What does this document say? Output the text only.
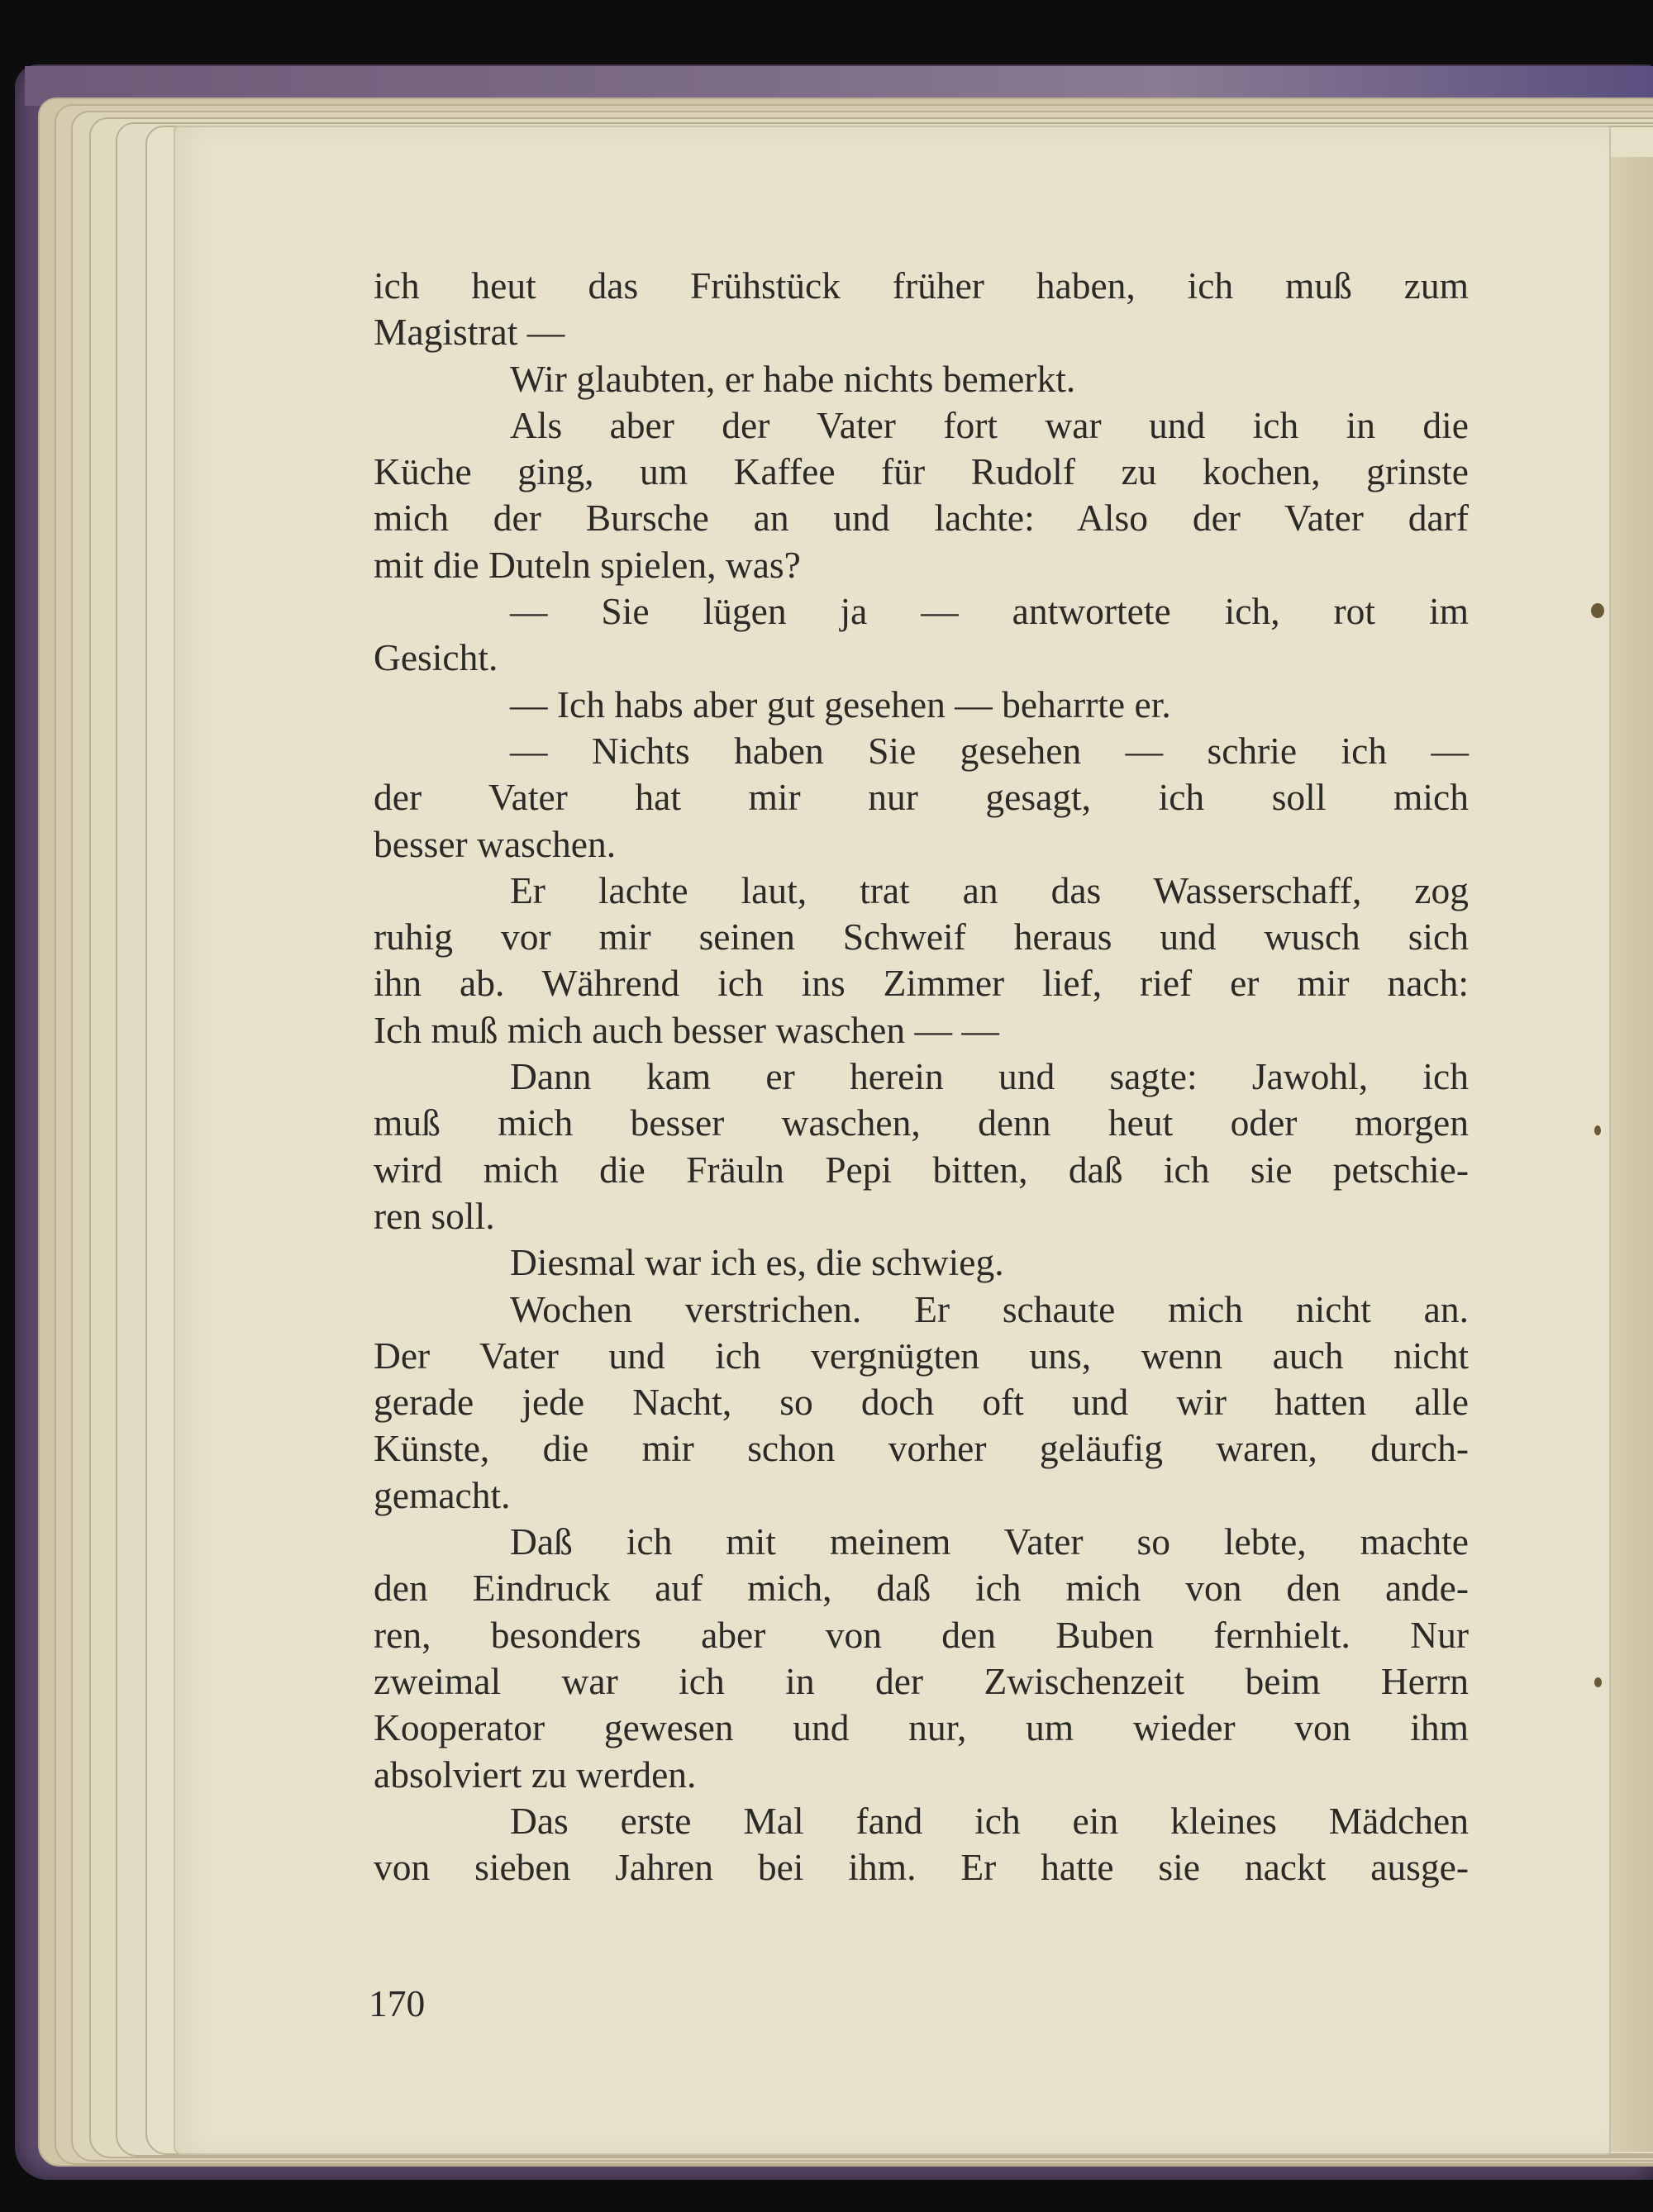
ich heut das Frühstück früher haben, ich muß zum
Magistrat —
Wir glaubten, er habe nichts bemerkt.
Als aber der Vater fort war und ich in die
Küche ging, um Kaffee für Rudolf zu kochen, grinste
mich der Bursche an und lachte: Also der Vater darf
mit die Duteln spielen, was?
— Sie lügen ja — antwortete ich, rot im
Gesicht.
— Ich habs aber gut gesehen — beharrte er.
— Nichts haben Sie gesehen — schrie ich —
der Vater hat mir nur gesagt, ich soll mich
besser waschen.
Er lachte laut, trat an das Wasserschaff, zog
ruhig vor mir seinen Schweif heraus und wusch sich
ihn ab. Während ich ins Zimmer lief, rief er mir nach:
Ich muß mich auch besser waschen — —
Dann kam er herein und sagte: Jawohl, ich
muß mich besser waschen, denn heut oder morgen
wird mich die Fräuln Pepi bitten, daß ich sie petschie-
ren soll.
Diesmal war ich es, die schwieg.
Wochen verstrichen. Er schaute mich nicht an.
Der Vater und ich vergnügten uns, wenn auch nicht
gerade jede Nacht, so doch oft und wir hatten alle
Künste, die mir schon vorher geläufig waren, durch-
gemacht.
Daß ich mit meinem Vater so lebte, machte
den Eindruck auf mich, daß ich mich von den ande-
ren, besonders aber von den Buben fernhielt. Nur
zweimal war ich in der Zwischenzeit beim Herrn
Kooperator gewesen und nur, um wieder von ihm
absolviert zu werden.
Das erste Mal fand ich ein kleines Mädchen
von sieben Jahren bei ihm. Er hatte sie nackt ausge-
170
